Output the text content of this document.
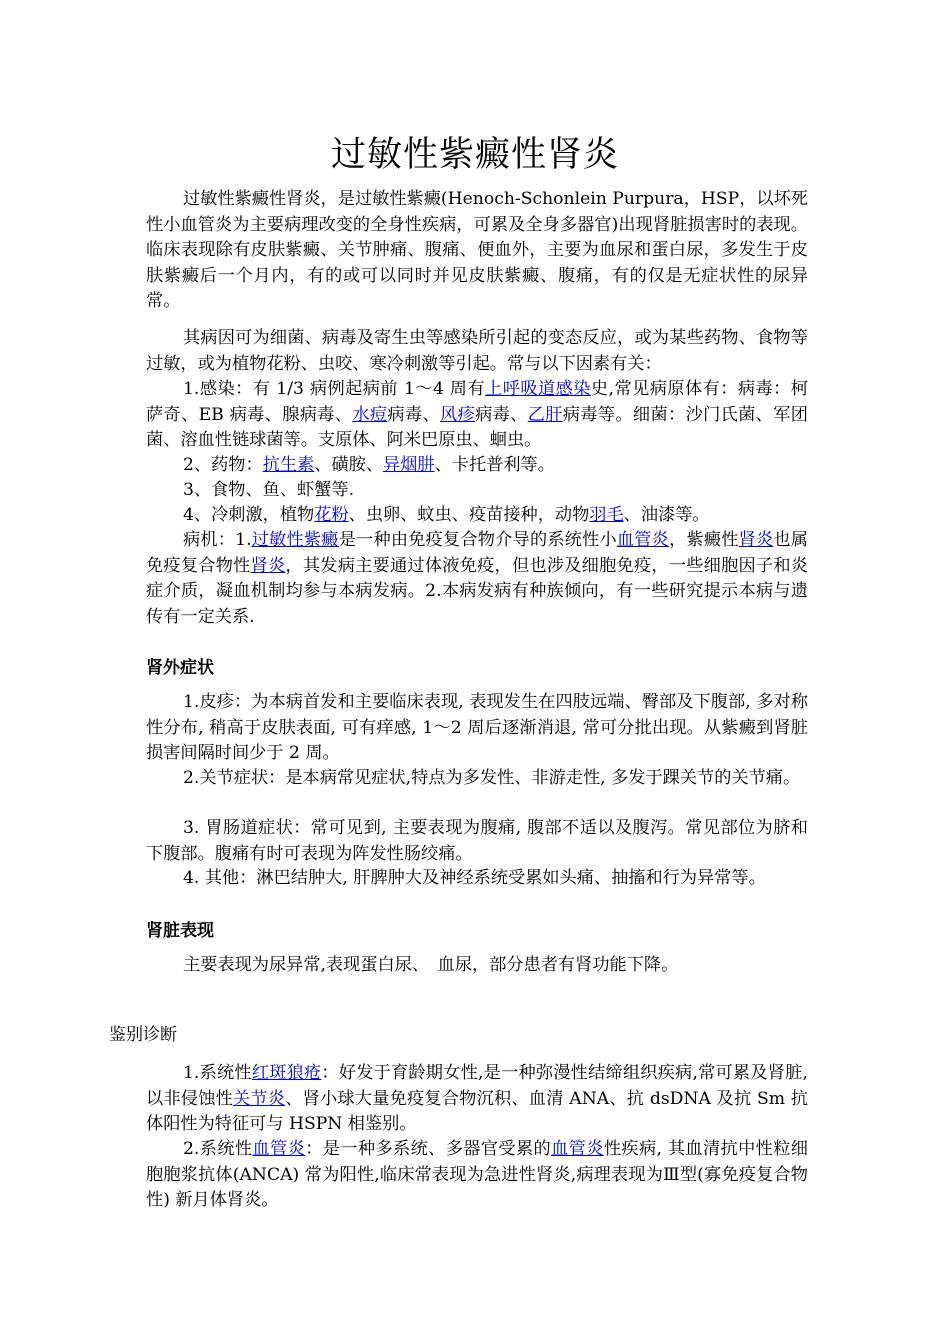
过敏性紫癜性肾炎

过敏性紫癜性肾炎，是过敏性紫癜(Henoch-Schonlein Purpura，HSP，以坏死性小血管炎为主要病理改变的全身性疾病，可累及全身多器官)出现肾脏损害时的表现。临床表现除有皮肤紫癜、关节肿痛、腹痛、便血外，主要为血尿和蛋白尿，多发生于皮肤紫癜后一个月内，有的或可以同时并见皮肤紫癜、腹痛，有的仅是无症状性的尿异常。

其病因可为细菌、病毒及寄生虫等感染所引起的变态反应，或为某些药物、食物等过敏，或为植物花粉、虫咬、寒冷刺激等引起。常与以下因素有关：

1.感染：有 1/3 病例起病前 1～4 周有上呼吸道感染史,常见病原体有：病毒：柯萨奇、EB 病毒、腺病毒、水痘病毒、风疹病毒、乙肝病毒等。细菌：沙门氏菌、军团菌、溶血性链球菌等。支原体、阿米巴原虫、蛔虫。

2、药物：抗生素、磺胺、异烟肼、卡托普利等。

3、食物、鱼、虾蟹等.

4、冷刺激，植物花粉、虫卵、蚊虫、疫苗接种，动物羽毛、油漆等。

病机：1.过敏性紫癜是一种由免疫复合物介导的系统性小血管炎，紫癜性肾炎也属免疫复合物性肾炎，其发病主要通过体液免疫，但也涉及细胞免疫，一些细胞因子和炎症介质，凝血机制均参与本病发病。2.本病发病有种族倾向，有一些研究提示本病与遗传有一定关系.

肾外症状

1.皮疹：为本病首发和主要临床表现, 表现发生在四肢远端、臀部及下腹部, 多对称性分布, 稍高于皮肤表面, 可有痒感, 1～2 周后逐渐消退, 常可分批出现。从紫癜到肾脏损害间隔时间少于 2 周。

2.关节症状：是本病常见症状,特点为多发性、非游走性, 多发于踝关节的关节痛。

3. 胃肠道症状：常可见到, 主要表现为腹痛, 腹部不适以及腹泻。常见部位为脐和下腹部。腹痛有时可表现为阵发性肠绞痛。

4. 其他：淋巴结肿大, 肝脾肿大及神经系统受累如头痛、抽搐和行为异常等。

肾脏表现

主要表现为尿异常,表现蛋白尿、　血尿，部分患者有肾功能下降。

鉴别诊断

1.系统性红斑狼疮：好发于育龄期女性,是一种弥漫性结缔组织疾病,常可累及肾脏,以非侵蚀性关节炎、肾小球大量免疫复合物沉积、血清 ANA、抗 dsDNA 及抗 Sm 抗体阳性为特征可与 HSPN 相鉴别。

2.系统性血管炎：是一种多系统、多器官受累的血管炎性疾病, 其血清抗中性粒细胞胞浆抗体(ANCA) 常为阳性,临床常表现为急进性肾炎,病理表现为Ⅲ型(寡免疫复合物性) 新月体肾炎。
